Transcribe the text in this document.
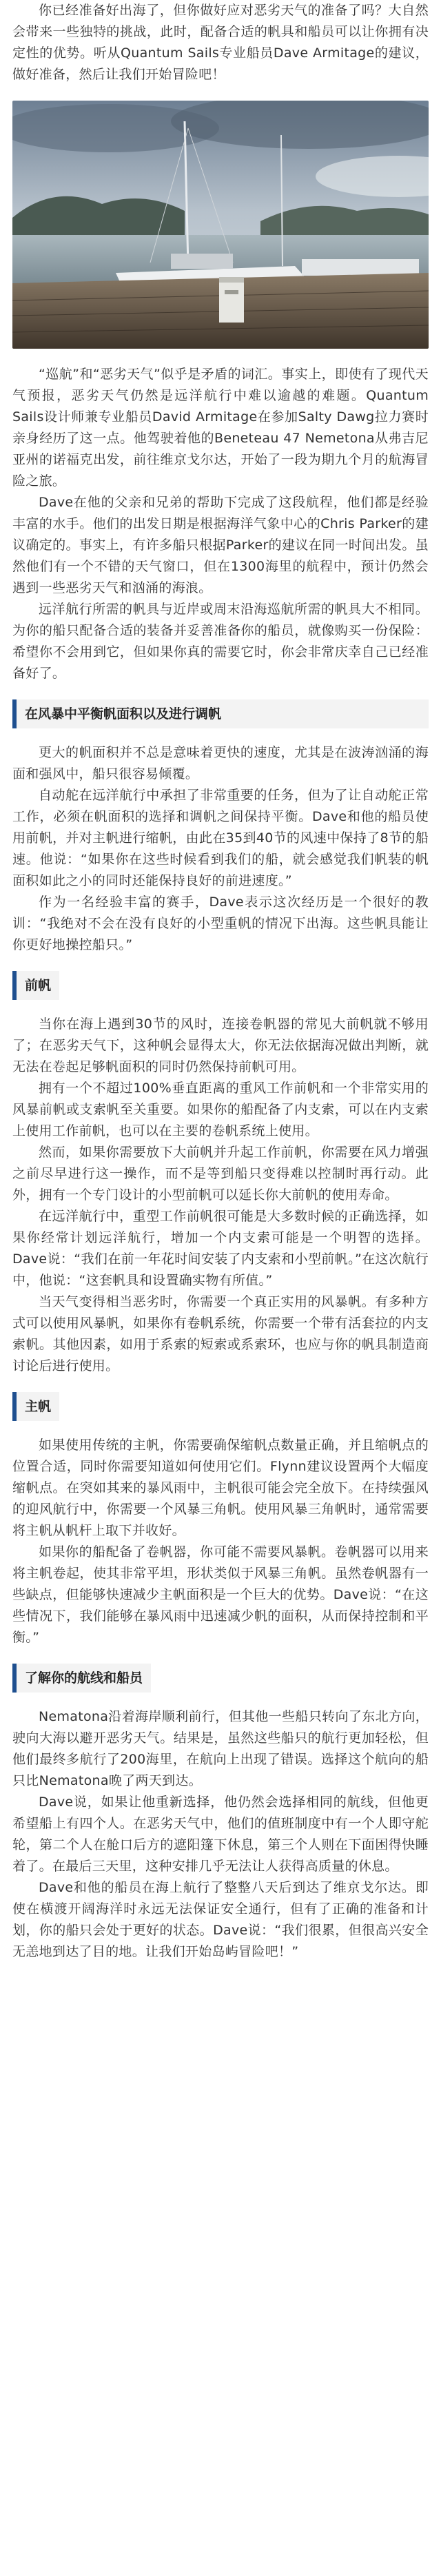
你已经准备好出海了，但你做好应对恶劣天气的准备了吗？大自然会带来一些独特的挑战，此时，配备合适的帆具和船员可以让你拥有决定性的优势。听从Quantum Sails专业船员Dave Armitage的建议，做好准备，然后让我们开始冒险吧！

“巡航”和“恶劣天气”似乎是矛盾的词汇。事实上，即使有了现代天气预报，恶劣天气仍然是远洋航行中难以逾越的难题。Quantum Sails设计师兼专业船员David Armitage在参加Salty Dawg拉力赛时亲身经历了这一点。他驾驶着他的Beneteau 47 Nemetona从弗吉尼亚州的诺福克出发，前往维京戈尔达，开始了一段为期九个月的航海冒险之旅。

Dave在他的父亲和兄弟的帮助下完成了这段航程，他们都是经验丰富的水手。他们的出发日期是根据海洋气象中心的Chris Parker的建议确定的。事实上，有许多船只根据Parker的建议在同一时间出发。虽然他们有一个不错的天气窗口，但在1300海里的航程中，预计仍然会遇到一些恶劣天气和汹涌的海浪。

远洋航行所需的帆具与近岸或周末沿海巡航所需的帆具大不相同。为你的船只配备合适的装备并妥善准备你的船员，就像购买一份保险：希望你不会用到它，但如果你真的需要它时，你会非常庆幸自己已经准备好了。

在风暴中平衡帆面积以及进行调帆

更大的帆面积并不总是意味着更快的速度，尤其是在波涛汹涌的海面和强风中，船只很容易倾覆。

自动舵在远洋航行中承担了非常重要的任务，但为了让自动舵正常工作，必须在帆面积的选择和调帆之间保持平衡。Dave和他的船员使用前帆，并对主帆进行缩帆，由此在35到40节的风速中保持了8节的船速。他说：“如果你在这些时候看到我们的船，就会感觉我们帆装的帆面积如此之小的同时还能保持良好的前进速度。”

作为一名经验丰富的赛手，Dave表示这次经历是一个很好的教训：“我绝对不会在没有良好的小型重帆的情况下出海。这些帆具能让你更好地操控船只。”

前帆

当你在海上遇到30节的风时，连接卷帆器的常见大前帆就不够用了；在恶劣天气下，这种帆会显得太大，你无法依据海况做出判断，就无法在卷起足够帆面积的同时仍然保持前帆可用。

拥有一个不超过100%垂直距离的重风工作前帆和一个非常实用的风暴前帆或支索帆至关重要。如果你的船配备了内支索，可以在内支索上使用工作前帆，也可以在主要的卷帆系统上使用。

然而，如果你需要放下大前帆并升起工作前帆，你需要在风力增强之前尽早进行这一操作，而不是等到船只变得难以控制时再行动。此外，拥有一个专门设计的小型前帆可以延长你大前帆的使用寿命。

在远洋航行中，重型工作前帆很可能是大多数时候的正确选择，如果你经常计划远洋航行，增加一个内支索可能是一个明智的选择。Dave说：“我们在前一年花时间安装了内支索和小型前帆。”在这次航行中，他说：“这套帆具和设置确实物有所值。”

当天气变得相当恶劣时，你需要一个真正实用的风暴帆。有多种方式可以使用风暴帆，如果你有卷帆系统，你需要一个带有活套拉的内支索帆。其他因素，如用于系索的短索或系索环，也应与你的帆具制造商讨论后进行使用。

主帆

如果使用传统的主帆，你需要确保缩帆点数量正确，并且缩帆点的位置合适，同时你需要知道如何使用它们。Flynn建议设置两个大幅度缩帆点。在突如其来的暴风雨中，主帆很可能会完全放下。在持续强风的迎风航行中，你需要一个风暴三角帆。使用风暴三角帆时，通常需要将主帆从帆杆上取下并收好。

如果你的船配备了卷帆器，你可能不需要风暴帆。卷帆器可以用来将主帆卷起，使其非常平坦，形状类似于风暴三角帆。虽然卷帆器有一些缺点，但能够快速减少主帆面积是一个巨大的优势。Dave说：“在这些情况下，我们能够在暴风雨中迅速减少帆的面积，从而保持控制和平衡。”

了解你的航线和船员

Nematona沿着海岸顺利前行，但其他一些船只转向了东北方向，驶向大海以避开恶劣天气。结果是，虽然这些船只的航行更加轻松，但他们最终多航行了200海里，在航向上出现了错误。选择这个航向的船只比Nematona晚了两天到达。

Dave说，如果让他重新选择，他仍然会选择相同的航线，但他更希望船上有四个人。在恶劣天气中，他们的值班制度中有一个人即守舵轮，第二个人在舱口后方的遮阳篷下休息，第三个人则在下面困得快睡着了。在最后三天里，这种安排几乎无法让人获得高质量的休息。

Dave和他的船员在海上航行了整整八天后到达了维京戈尔达。即使在横渡开阔海洋时永远无法保证安全通行，但有了正确的准备和计划，你的船只会处于更好的状态。Dave说：“我们很累，但很高兴安全无恙地到达了目的地。让我们开始岛屿冒险吧！”
